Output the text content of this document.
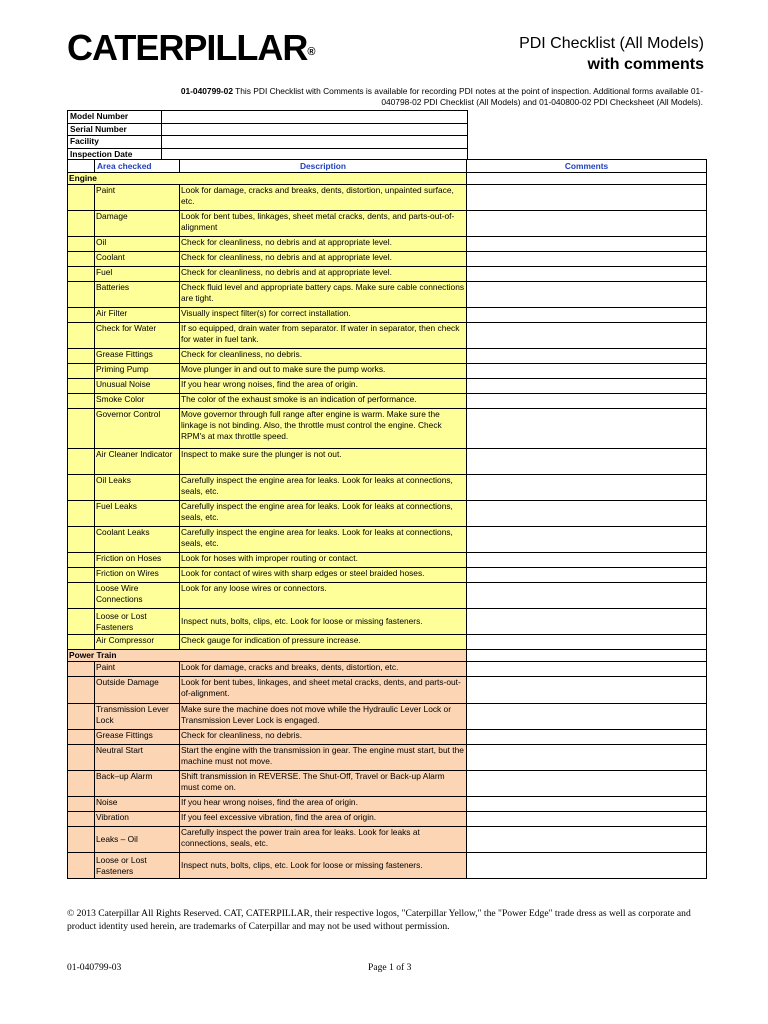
CATERPILLAR®	PDI Checklist (All Models)
with comments
01-040799-02 This PDI Checklist with Comments is available for recording PDI notes at the point of inspection. Additional forms available 01-040798-02 PDI Checklist (All Models) and 01-040800-02 PDI Checksheet (All Models).
Model Number	
Serial Number	
Facility	
Inspection Date	
	Area checked	Description	Comments
Engine			
	Paint	Look for damage, cracks and breaks, dents, distortion, unpainted surface, etc.	
	Damage	Look for bent tubes, linkages, sheet metal cracks, dents, and parts-out-of-alignment	
	Oil	Check for cleanliness, no debris and at appropriate level.	
	Coolant	Check for cleanliness, no debris and at appropriate level.	
	Fuel	Check for cleanliness, no debris and at appropriate level.	
	Batteries	Check fluid level and appropriate battery caps. Make sure cable connections are tight.	
	Air Filter	Visually inspect filter(s) for correct installation.	
	Check for Water	If so equipped, drain water from separator. If water in separator, then check for water in fuel tank.	
	Grease Fittings	Check for cleanliness, no debris.	
	Priming Pump	Move plunger in and out to make sure the pump works.	
	Unusual Noise	If you hear wrong noises, find the area of origin.	
	Smoke Color	The color of the exhaust smoke is an indication of performance.	
	Governor Control	Move governor through full range after engine is warm. Make sure the linkage is not binding. Also, the throttle must control the engine. Check RPM's at max throttle speed.	
	Air Cleaner Indicator	Inspect to make sure the plunger is not out.	
	Oil Leaks	Carefully inspect the engine area for leaks. Look for leaks at connections, seals, etc.	
	Fuel Leaks	Carefully inspect the engine area for leaks. Look for leaks at connections, seals, etc.	
	Coolant Leaks	Carefully inspect the engine area for leaks. Look for leaks at connections, seals, etc.	
	Friction on Hoses	Look for hoses with improper routing or contact.	
	Friction on Wires	Look for contact of wires with sharp edges or steel braided hoses.	
	Loose Wire Connections	Look for any loose wires or connectors.	
	Loose or Lost Fasteners	Inspect nuts, bolts, clips, etc. Look for loose or missing fasteners.	
	Air Compressor	Check gauge for indication of pressure increase.	
Power Train			
	Paint	Look for damage, cracks and breaks, dents, distortion, etc.	
	Outside Damage	Look for bent tubes, linkages, and sheet metal cracks, dents, and parts-out-of-alignment.	
	Transmission Lever Lock	Make sure the machine does not move while the Hydraulic Lever Lock or Transmission Lever Lock is engaged.	
	Grease Fittings	Check for cleanliness, no debris.	
	Neutral Start	Start the engine with the transmission in gear. The engine must start, but the machine must not move.	
	Back–up Alarm	Shift transmission in REVERSE. The Shut-Off, Travel or Back-up Alarm must come on.	
	Noise	If you hear wrong noises, find the area of origin.	
	Vibration	If you feel excessive vibration, find the area of origin.	
	Leaks – Oil	Carefully inspect the power train area for leaks. Look for leaks at connections, seals, etc.	
	Loose or Lost Fasteners	Inspect nuts, bolts, clips, etc. Look for loose or missing fasteners.	
© 2013 Caterpillar All Rights Reserved. CAT, CATERPILLAR, their respective logos, "Caterpillar Yellow," the "Power Edge" trade dress as well as corporate and product identity used herein, are trademarks of Caterpillar and may not be used without permission.
01-040799-03	Page 1 of 3
